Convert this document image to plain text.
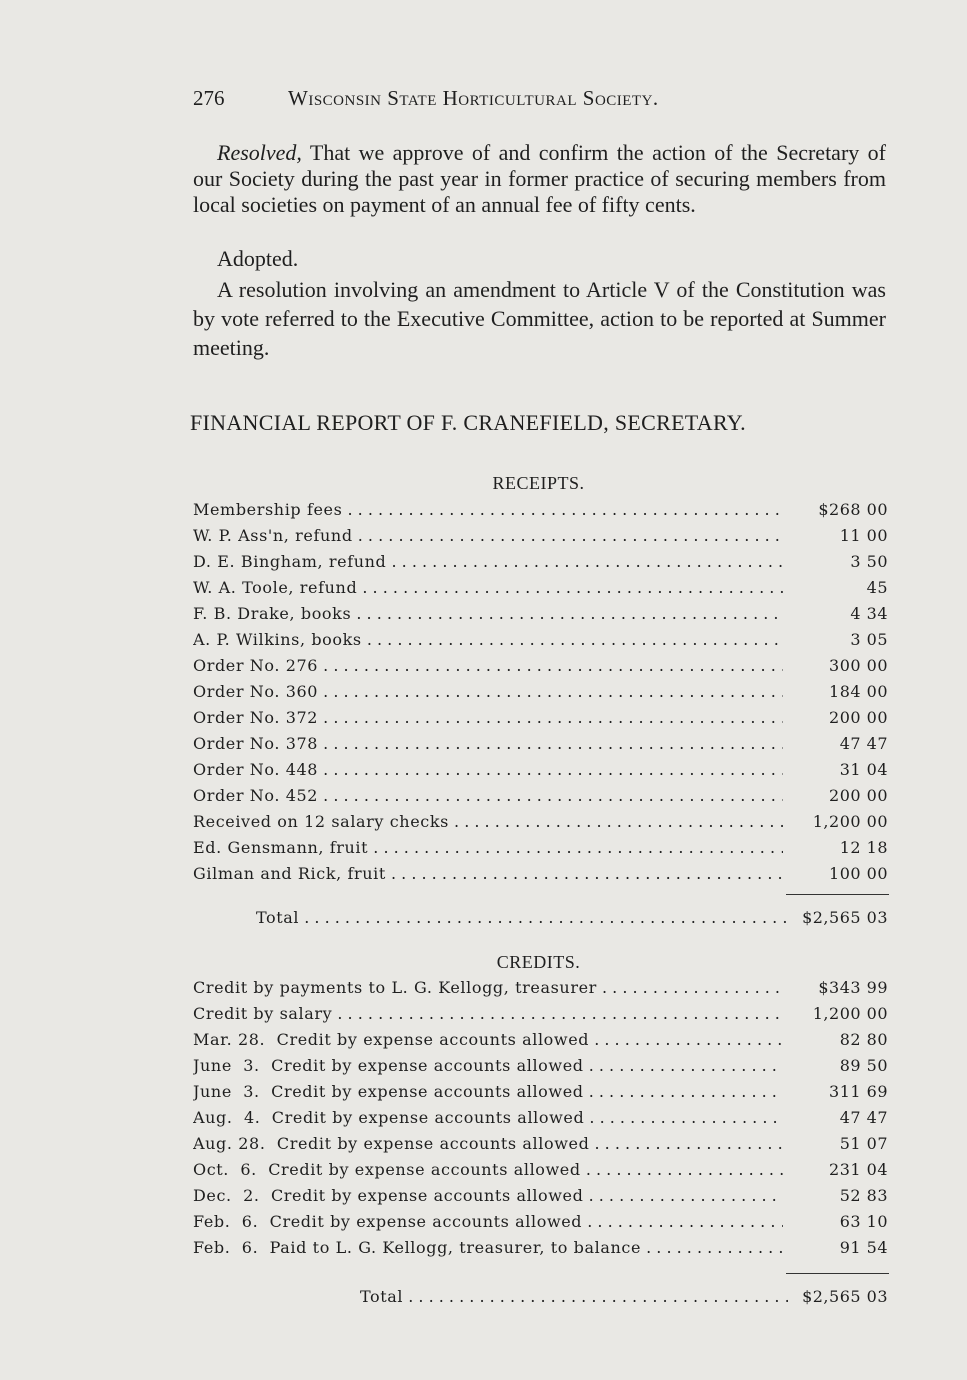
276	Wisconsin State Horticultural Society.
Resolved, That we approve of and confirm the action of the Secretary of our Society during the past year in former practice of securing members from local societies on payment of an annual fee of fifty cents.
Adopted.
A resolution involving an amendment to Article V of the Constitution was by vote referred to the Executive Committee, action to be reported at Summer meeting.
FINANCIAL REPORT OF F. CRANEFIELD, SECRETARY.
RECEIPTS.
Membership fees . . .	$268 00
W. P. Ass'n, refund . . .	11 00
D. E. Bingham, refund . . .	3 50
W. A. Toole, refund . . .	45
F. B. Drake, books . . .	4 34
A. P. Wilkins, books . . .	3 05
Order No. 276 . . .	300 00
Order No. 360 . . .	184 00
Order No. 372 . . .	200 00
Order No. 378 . . .	47 47
Order No. 448 . . .	31 04
Order No. 452 . . .	200 00
Received on 12 salary checks . . .	1,200 00
Ed. Gensmann, fruit . . .	12 18
Gilman and Rick, fruit . . .	100 00
Total . . .	$2,565 03
CREDITS.
Credit by payments to L. G. Kellogg, treasurer . . .	$343 99
Credit by salary . . .	1,200 00
Mar. 28.  Credit by expense accounts allowed . . .	82 80
June  3.  Credit by expense accounts allowed . . .	89 50
June  3.  Credit by expense accounts allowed . . .	311 69
Aug.  4.  Credit by expense accounts allowed . . .	47 47
Aug. 28.  Credit by expense accounts allowed . . .	51 07
Oct.  6.  Credit by expense accounts allowed . . .	231 04
Dec.  2.  Credit by expense accounts allowed . . .	52 83
Feb.  6.  Credit by expense accounts allowed . . .	63 10
Feb.  6.  Paid to L. G. Kellogg, treasurer, to balance . . .	91 54
Total . . .	$2,565 03
